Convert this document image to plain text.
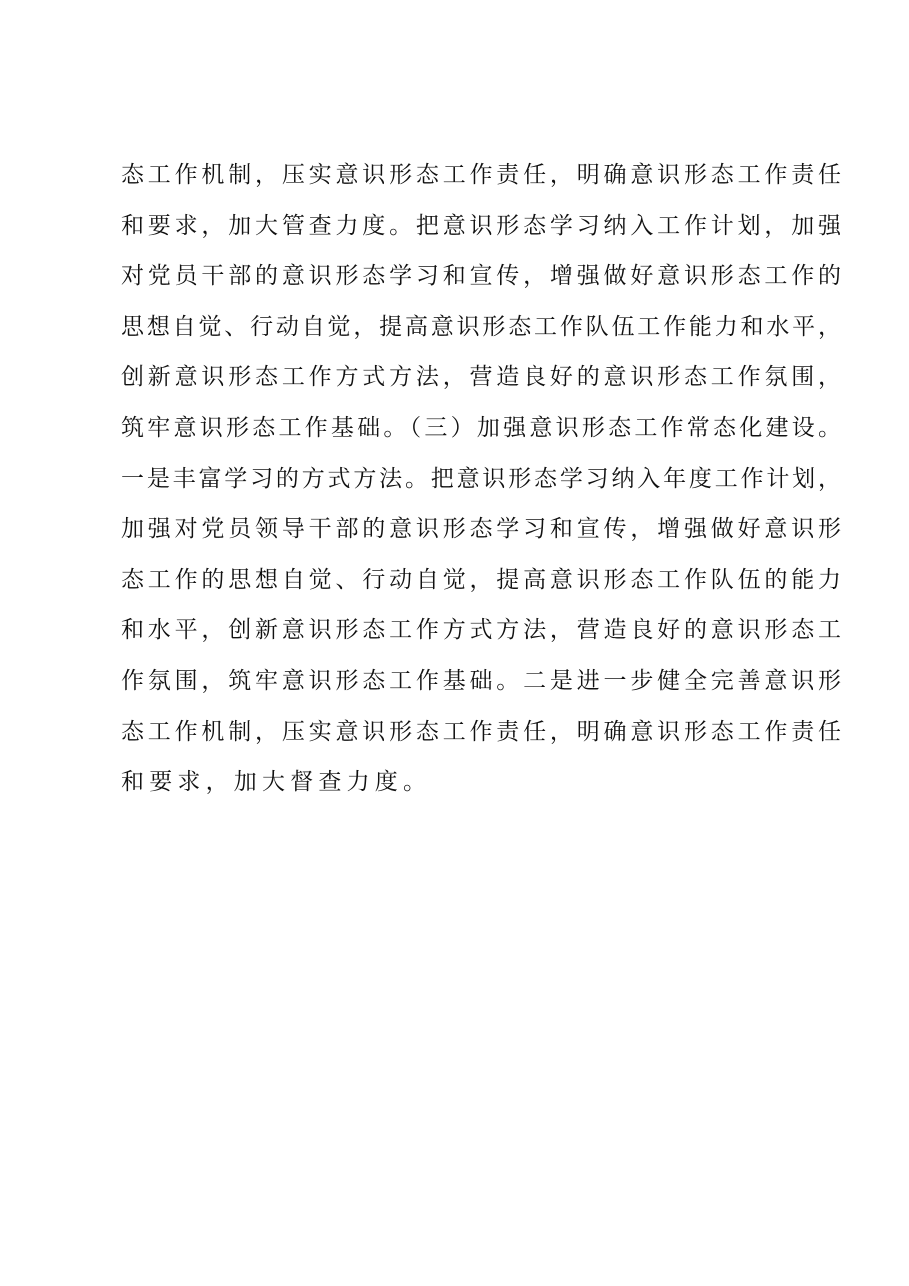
态工作机制，压实意识形态工作责任，明确意识形态工作责任
和要求，加大管查力度。把意识形态学习纳入工作计划，加强
对党员干部的意识形态学习和宣传，增强做好意识形态工作的
思想自觉、行动自觉，提高意识形态工作队伍工作能力和水平，
创新意识形态工作方式方法，营造良好的意识形态工作氛围，
筑牢意识形态工作基础。（三）加强意识形态工作常态化建设。
一是丰富学习的方式方法。把意识形态学习纳入年度工作计划，
加强对党员领导干部的意识形态学习和宣传，增强做好意识形
态工作的思想自觉、行动自觉，提高意识形态工作队伍的能力
和水平，创新意识形态工作方式方法，营造良好的意识形态工
作氛围，筑牢意识形态工作基础。二是进一步健全完善意识形
态工作机制，压实意识形态工作责任，明确意识形态工作责任
和要求，加大督查力度。
